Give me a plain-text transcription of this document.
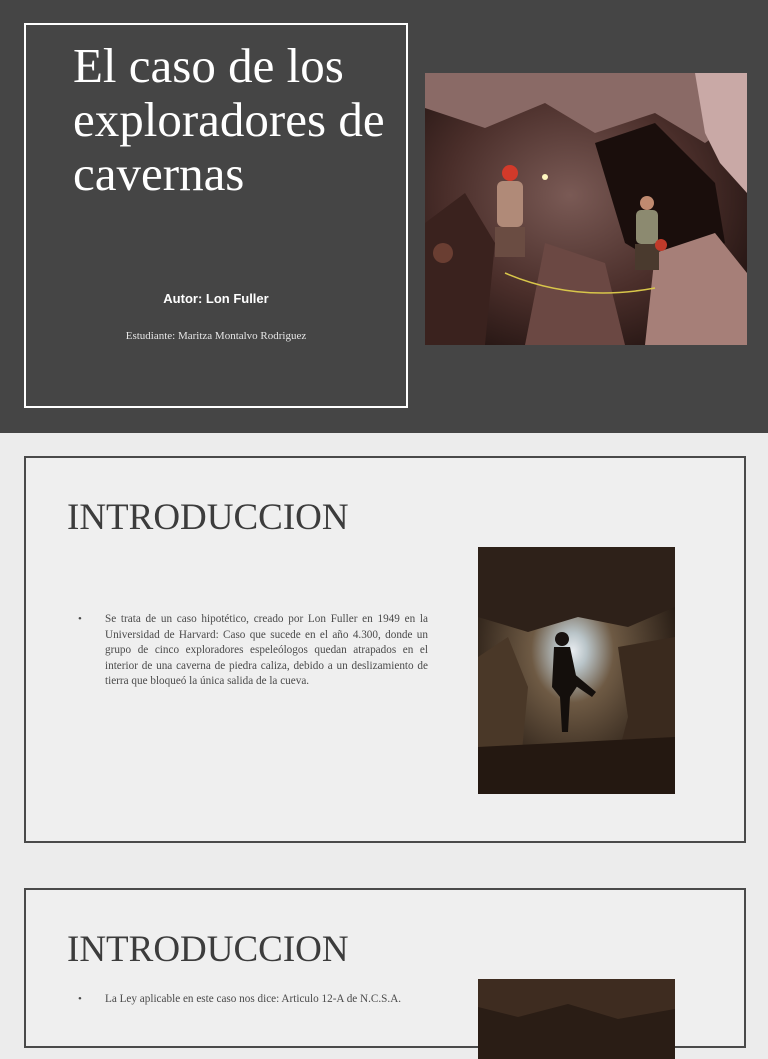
El caso de los exploradores de cavernas
Autor: Lon Fuller
Estudiante: Maritza Montalvo Rodriguez
INTRODUCCION
• Se trata de un caso hipotético, creado por Lon Fuller en 1949 en la Universidad de Harvard: Caso que sucede en el año 4.300, donde un grupo de cinco exploradores espeleólogos quedan atrapados en el interior de una caverna de piedra caliza, debido a un deslizamiento de tierra que bloqueó la única salida de la cueva.
INTRODUCCION
• La Ley aplicable en este caso nos dice: Articulo 12-A de N.C.S.A.
